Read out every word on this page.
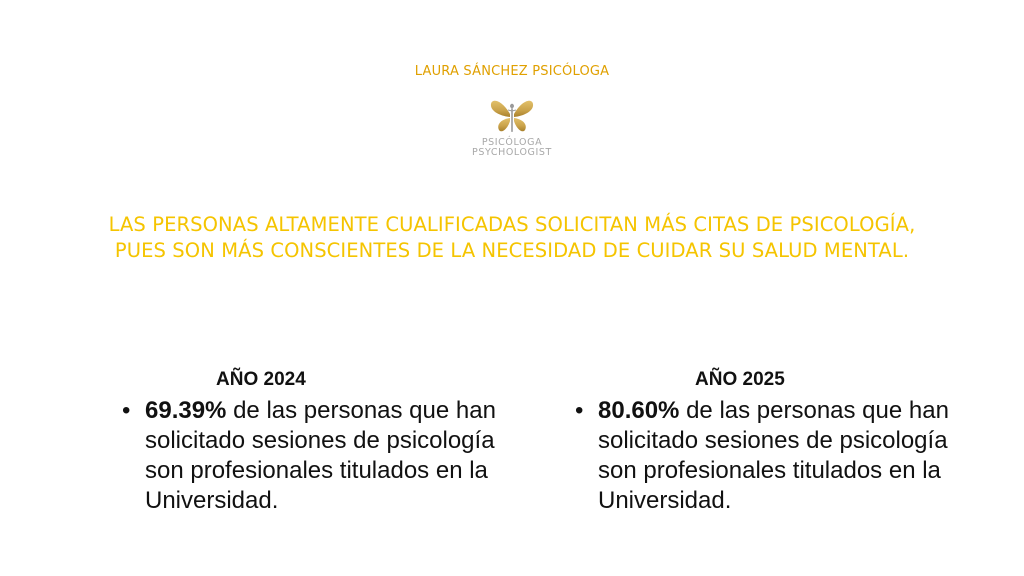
LAURA SÁNCHEZ PSICÓLOGA
PSICÓLOGA
PSYCHOLOGIST
LAS PERSONAS ALTAMENTE CUALIFICADAS SOLICITAN MÁS CITAS DE PSICOLOGÍA,
PUES SON MÁS CONSCIENTES DE LA NECESIDAD DE CUIDAR SU SALUD MENTAL.
AÑO 2024
• 69.39% de las personas que han solicitado sesiones de psicología son profesionales titulados en la Universidad.
AÑO 2025
• 80.60% de las personas que han solicitado sesiones de psicología son profesionales titulados en la Universidad.
